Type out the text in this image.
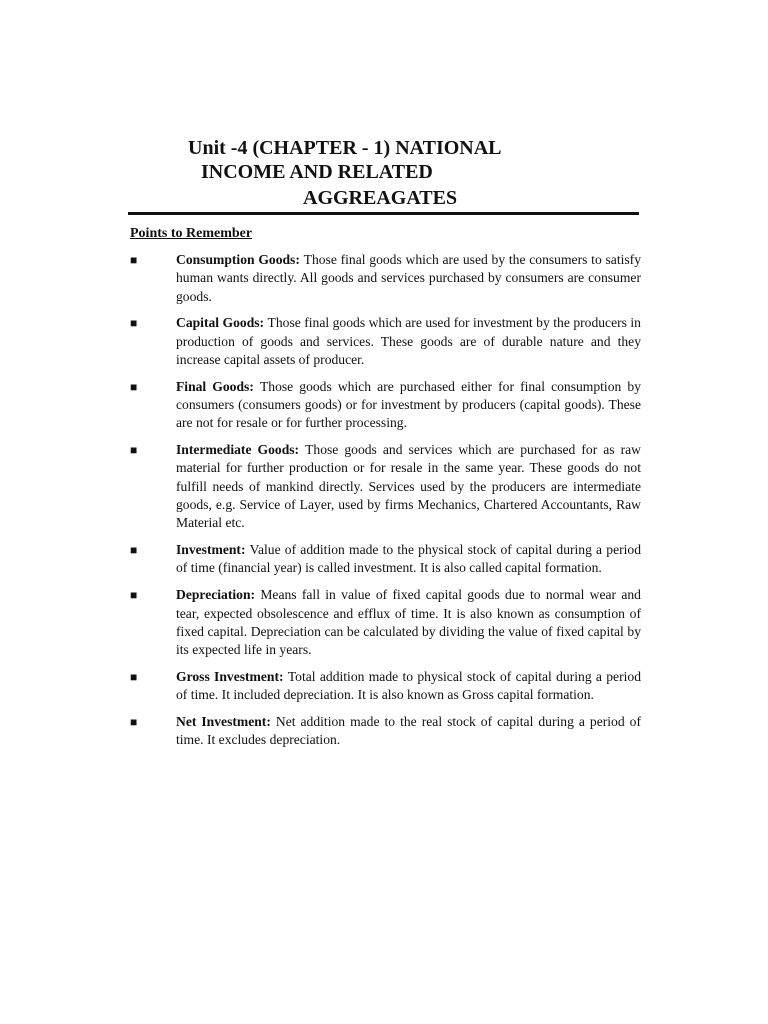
Unit -4 (CHAPTER - 1) NATIONAL
INCOME AND RELATED
AGGREAGATES
Points to Remember
■	Consumption Goods: Those final goods which are used by the consumers to satisfy human wants directly. All goods and services purchased by consumers are consumer goods.
■	Capital Goods: Those final goods which are used for investment by the producers in production of goods and services. These goods are of durable nature and they increase capital assets of producer.
■	Final Goods: Those goods which are purchased either for final consumption by consumers (consumers goods) or for investment by producers (capital goods). These are not for resale or for further processing.
■	Intermediate Goods: Those goods and services which are purchased for as raw material for further production or for resale in the same year. These goods do not fulfill needs of mankind directly. Services used by the producers are intermediate goods, e.g. Service of Layer, used by firms Mechanics, Chartered Accountants, Raw Material etc.
■	Investment: Value of addition made to the physical stock of capital during a period of time (financial year) is called investment. It is also called capital formation.
■	Depreciation: Means fall in value of fixed capital goods due to normal wear and tear, expected obsolescence and efflux of time. It is also known as consumption of fixed capital. Depreciation can be calculated by dividing the value of fixed capital by its expected life in years.
■	Gross Investment: Total addition made to physical stock of capital during a period of time. It included depreciation. It is also known as Gross capital formation.
■	Net Investment: Net addition made to the real stock of capital during a period of time. It excludes depreciation.
